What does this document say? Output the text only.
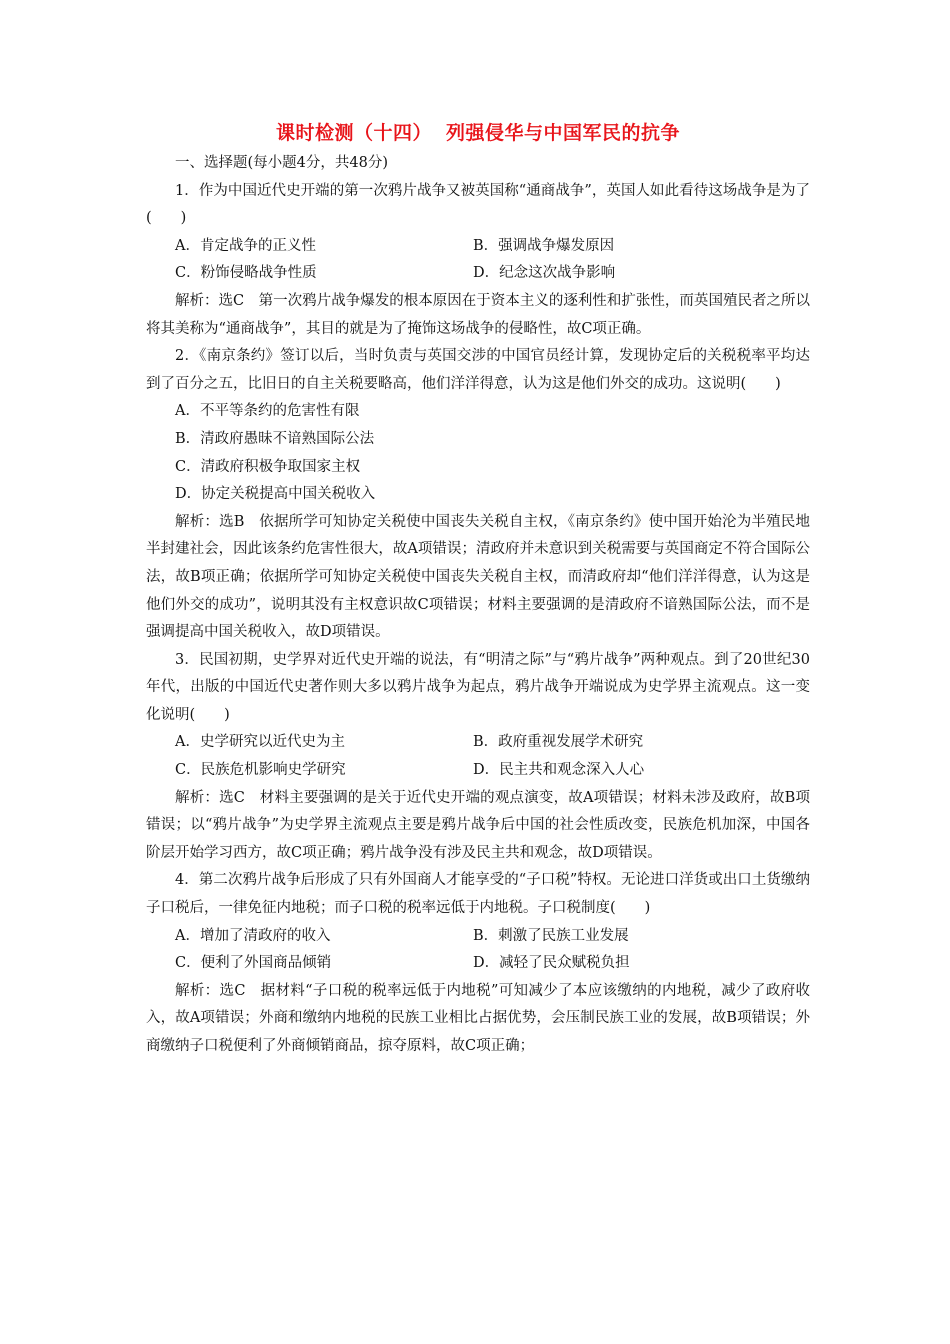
课时检测（十四） 列强侵华与中国军民的抗争
一、选择题(每小题4分，共48分)
1．作为中国近代史开端的第一次鸦片战争又被英国称“通商战争”，英国人如此看待这场战争是为了(　　)
A．肯定战争的正义性	B．强调战争爆发原因
C．粉饰侵略战争性质	D．纪念这次战争影响
解析：选C　第一次鸦片战争爆发的根本原因在于资本主义的逐利性和扩张性，而英国殖民者之所以将其美称为“通商战争”，其目的就是为了掩饰这场战争的侵略性，故C项正确。
2．《南京条约》签订以后，当时负责与英国交涉的中国官员经计算，发现协定后的关税税率平均达到了百分之五，比旧日的自主关税要略高，他们洋洋得意，认为这是他们外交的成功。这说明(　　)
A．不平等条约的危害性有限
B．清政府愚昧不谙熟国际公法
C．清政府积极争取国家主权
D．协定关税提高中国关税收入
解析：选B　依据所学可知协定关税使中国丧失关税自主权，《南京条约》使中国开始沦为半殖民地半封建社会，因此该条约危害性很大，故A项错误；清政府并未意识到关税需要与英国商定不符合国际公法，故B项正确；依据所学可知协定关税使中国丧失关税自主权，而清政府却“他们洋洋得意，认为这是他们外交的成功”，说明其没有主权意识故C项错误；材料主要强调的是清政府不谙熟国际公法，而不是强调提高中国关税收入，故D项错误。
3．民国初期，史学界对近代史开端的说法，有“明清之际”与“鸦片战争”两种观点。到了20世纪30年代，出版的中国近代史著作则大多以鸦片战争为起点，鸦片战争开端说成为史学界主流观点。这一变化说明(　　)
A．史学研究以近代史为主	B．政府重视发展学术研究
C．民族危机影响史学研究	D．民主共和观念深入人心
解析：选C　材料主要强调的是关于近代史开端的观点演变，故A项错误；材料未涉及政府，故B项错误；以“鸦片战争”为史学界主流观点主要是鸦片战争后中国的社会性质改变，民族危机加深，中国各阶层开始学习西方，故C项正确；鸦片战争没有涉及民主共和观念，故D项错误。
4．第二次鸦片战争后形成了只有外国商人才能享受的“子口税”特权。无论进口洋货或出口土货缴纳子口税后，一律免征内地税；而子口税的税率远低于内地税。子口税制度(　　)
A．增加了清政府的收入	B．刺激了民族工业发展
C．便利了外国商品倾销	D．减轻了民众赋税负担
解析：选C　据材料“子口税的税率远低于内地税”可知减少了本应该缴纳的内地税，减少了政府收入，故A项错误；外商和缴纳内地税的民族工业相比占据优势，会压制民族工业的发展，故B项错误；外商缴纳子口税便利了外商倾销商品，掠夺原料，故C项正确；
